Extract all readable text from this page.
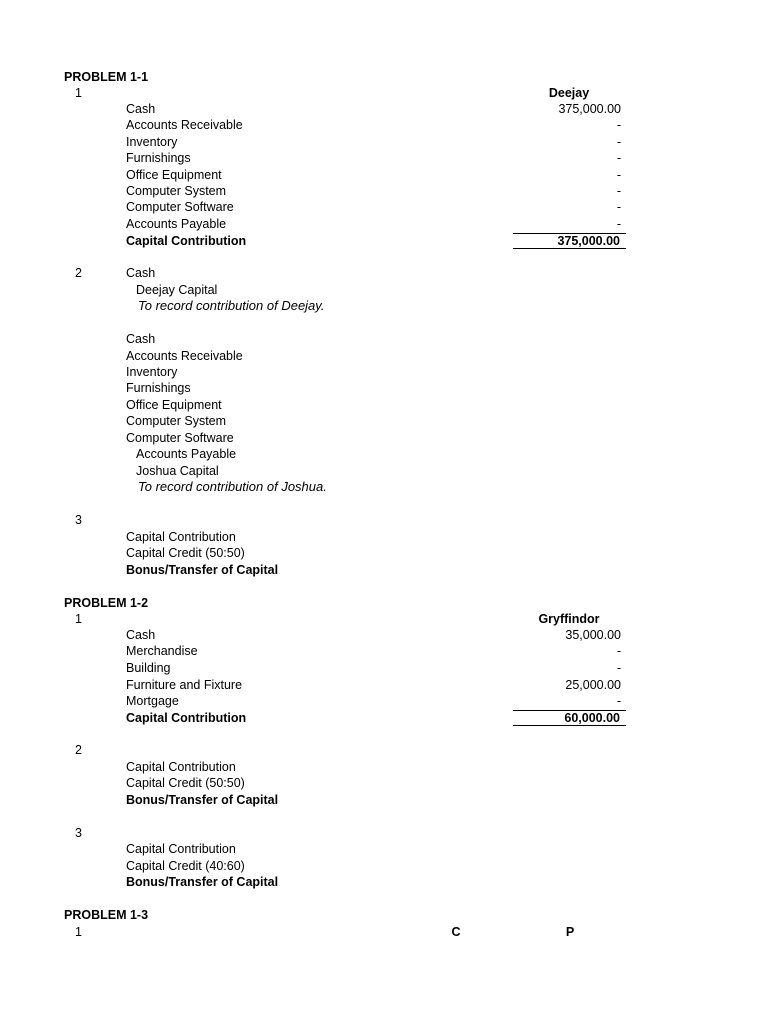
PROBLEM 1-1
1	Deejay
Cash	375,000.00
Accounts Receivable	-
Inventory	-
Furnishings	-
Office Equipment	-
Computer System	-
Computer Software	-
Accounts Payable	-
Capital Contribution	375,000.00
2	Cash
Deejay Capital
To record contribution of Deejay.
Cash
Accounts Receivable
Inventory
Furnishings
Office Equipment
Computer System
Computer Software
Accounts Payable
Joshua Capital
To record contribution of Joshua.
3
Capital Contribution
Capital Credit (50:50)
Bonus/Transfer of Capital
PROBLEM 1-2
1	Gryffindor
Cash	35,000.00
Merchandise	-
Building	-
Furniture and Fixture	25,000.00
Mortgage	-
Capital Contribution	60,000.00
2
Capital Contribution
Capital Credit (50:50)
Bonus/Transfer of Capital
3
Capital Contribution
Capital Credit (40:60)
Bonus/Transfer of Capital
PROBLEM 1-3
1	C	P
